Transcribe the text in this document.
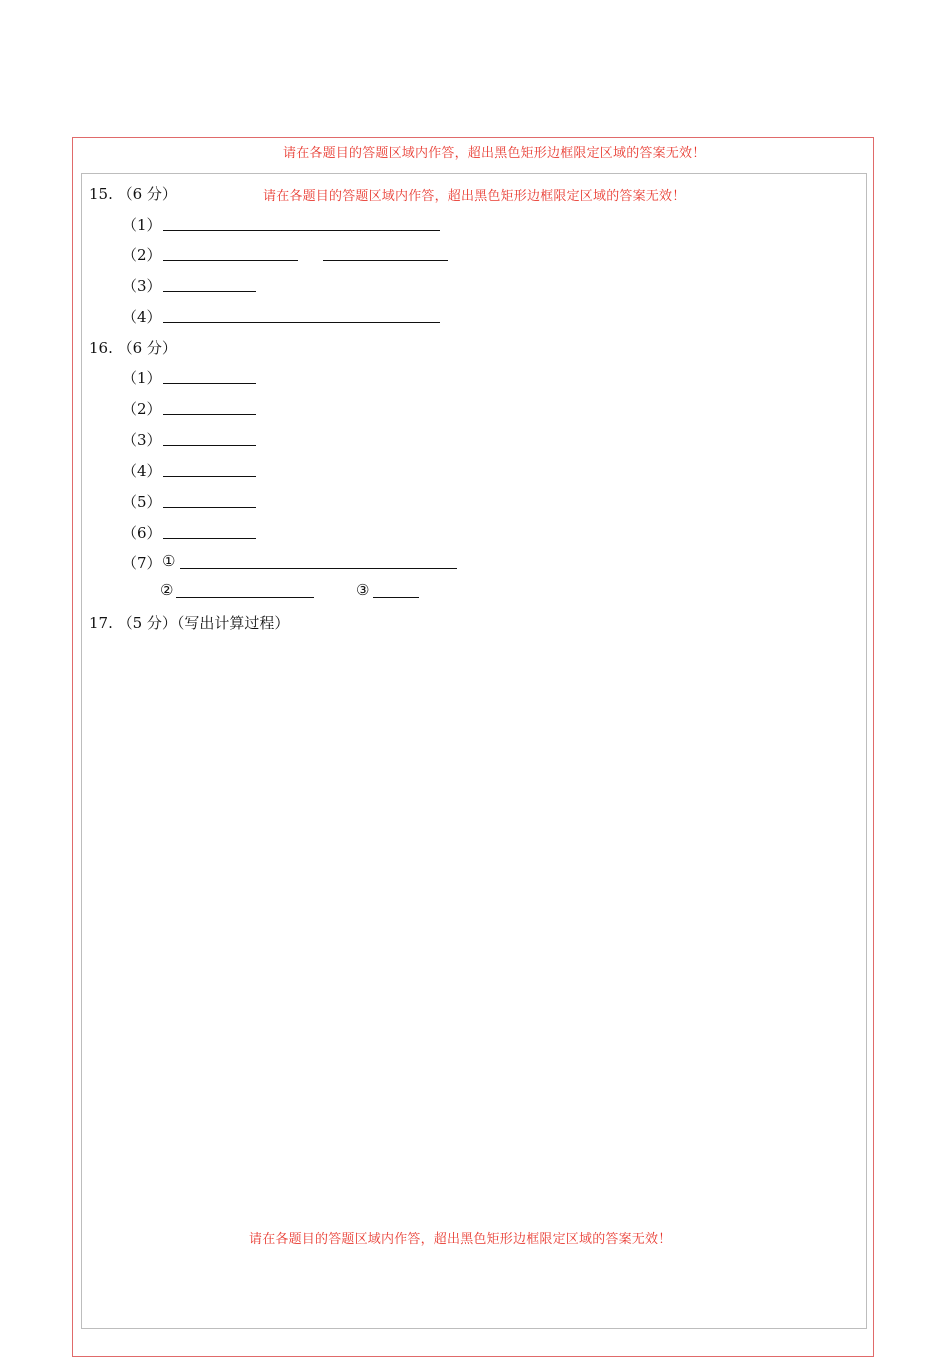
请在各题目的答题区域内作答，超出黑色矩形边框限定区域的答案无效！
请在各题目的答题区域内作答，超出黑色矩形边框限定区域的答案无效！
请在各题目的答题区域内作答，超出黑色矩形边框限定区域的答案无效！
15. （6 分）
（1）
（2）
（3）
（4）
16. （6 分）
（1）
（2）
（3）
（4）
（5）
（6）
（7） ①
②	③
17. （5 分）（写出计算过程）
